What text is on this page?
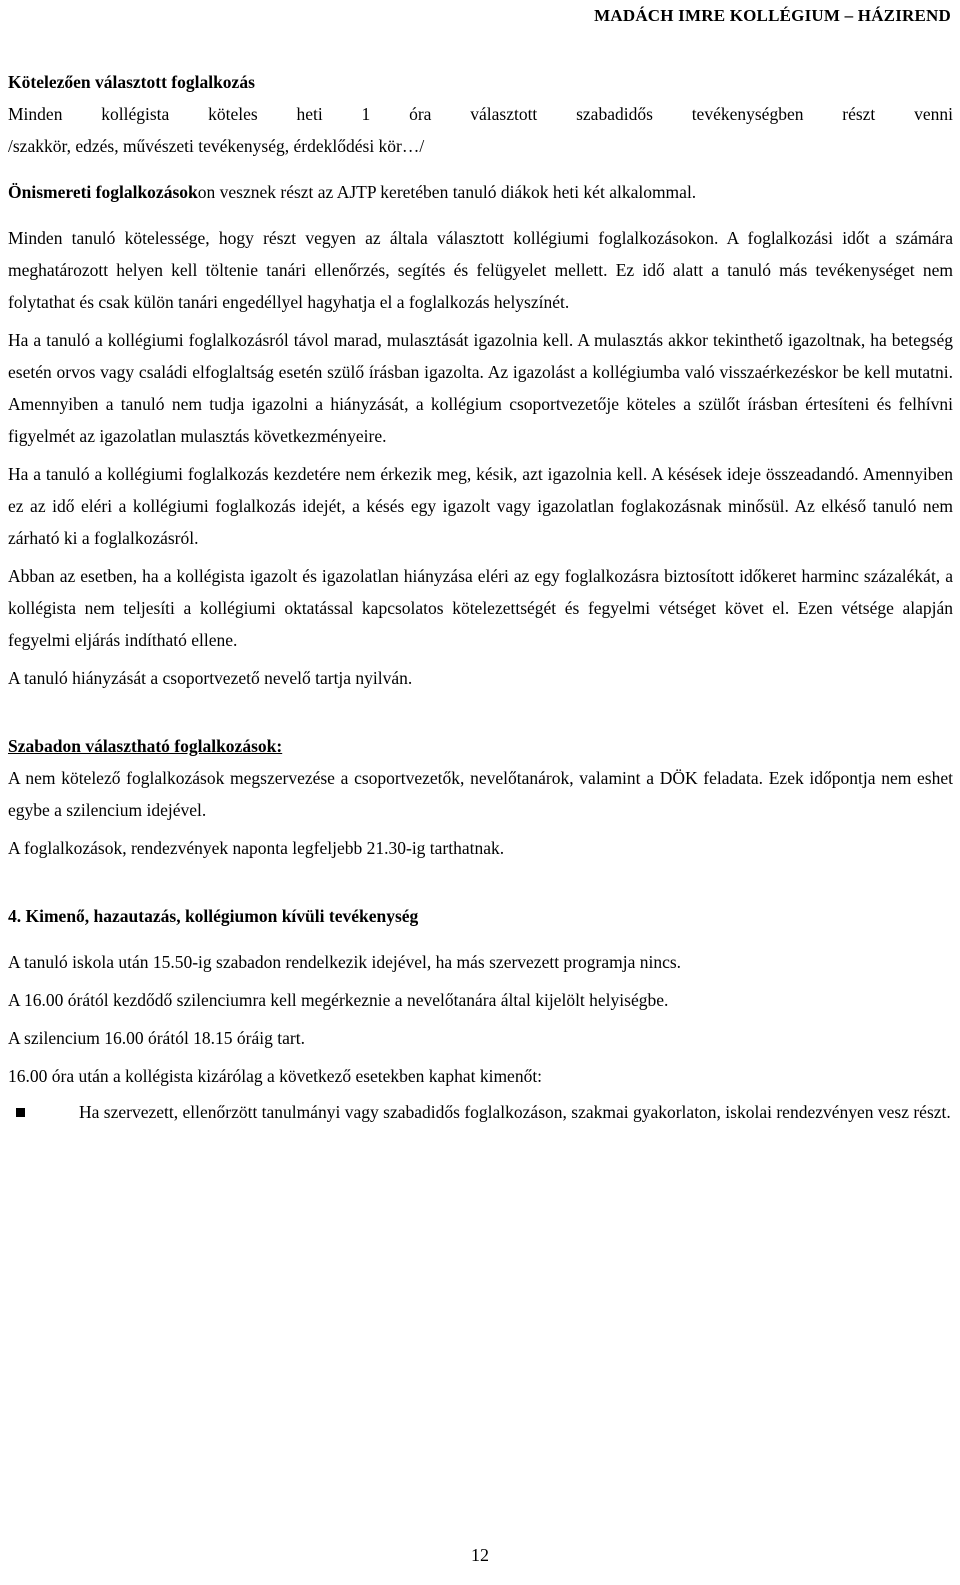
MADÁCH IMRE KOLLÉGIUM – HÁZIREND

Kötelezően választott foglalkozás

Minden kollégista köteles heti 1 óra választott szabadidős tevékenységben részt venni

/szakkör, edzés, művészeti tevékenység, érdeklődési kör…/

Önismereti foglalkozásokon vesznek részt az AJTP keretében tanuló diákok heti két alkalommal.

Minden tanuló kötelessége, hogy részt vegyen az általa választott kollégiumi foglalkozásokon. A foglalkozási időt a számára meghatározott helyen kell töltenie tanári ellenőrzés, segítés és felügyelet mellett. Ez idő alatt a tanuló más tevékenységet nem folytathat és csak külön tanári engedéllyel hagyhatja el a foglalkozás helyszínét.

Ha a tanuló a kollégiumi foglalkozásról távol marad, mulasztását igazolnia kell. A mulasztás akkor tekinthető igazoltnak, ha betegség esetén orvos vagy családi elfoglaltság esetén szülő írásban igazolta. Az igazolást a kollégiumba való visszaérkezéskor be kell mutatni. Amennyiben a tanuló nem tudja igazolni a hiányzását, a kollégium csoportvezetője köteles a szülőt írásban értesíteni és felhívni figyelmét az igazolatlan mulasztás következményeire.

Ha a tanuló a kollégiumi foglalkozás kezdetére nem érkezik meg, késik, azt igazolnia kell. A késések ideje összeadandó. Amennyiben ez az idő eléri a kollégiumi foglalkozás idejét, a késés egy igazolt vagy igazolatlan foglakozásnak minősül. Az elkéső tanuló nem zárható ki a foglalkozásról.

Abban az esetben, ha a kollégista igazolt és igazolatlan hiányzása eléri az egy foglalkozásra biztosított időkeret harminc százalékát, a kollégista nem teljesíti a kollégiumi oktatással kapcsolatos kötelezettségét és fegyelmi vétséget követ el. Ezen vétsége alapján fegyelmi eljárás indítható ellene.

A tanuló hiányzását a csoportvezető nevelő tartja nyilván.

Szabadon választható foglalkozások:

A nem kötelező foglalkozások megszervezése a csoportvezetők, nevelőtanárok, valamint a DÖK feladata. Ezek időpontja nem eshet egybe a szilencium idejével.

A foglalkozások, rendezvények naponta legfeljebb 21.30-ig tarthatnak.

4. Kimenő, hazautazás, kollégiumon kívüli tevékenység

A tanuló iskola után 15.50-ig szabadon rendelkezik idejével, ha más szervezett programja nincs.

A 16.00 órától kezdődő szilenciumra kell megérkeznie a nevelőtanára által kijelölt helyiségbe.

A szilencium 16.00 órától 18.15 óráig tart.

16.00 óra után a kollégista kizárólag a következő esetekben kaphat kimenőt:

Ha szervezett, ellenőrzött tanulmányi vagy szabadidős foglalkozáson, szakmai gyakorlaton, iskolai rendezvényen vesz részt.
12
